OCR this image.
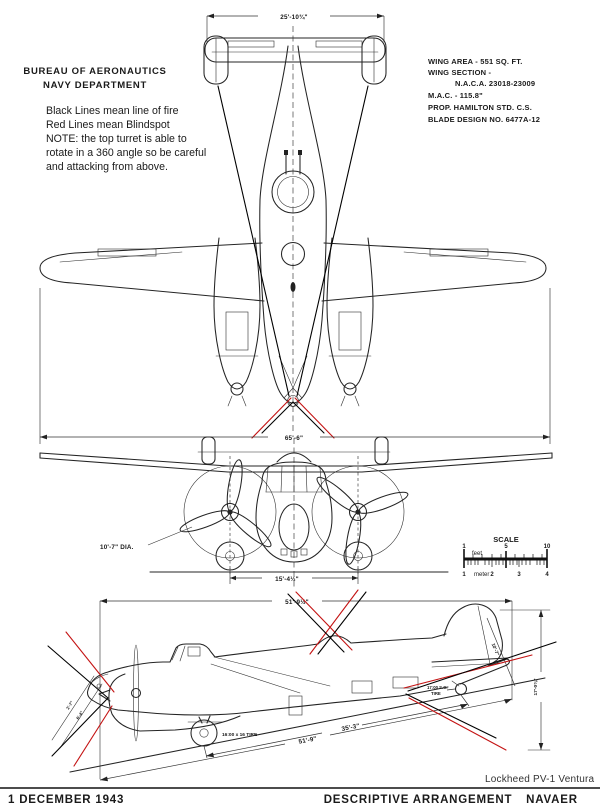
BUREAU OF AERONAUTICS
NAVY DEPARTMENT
Black Lines mean line of fire
Red Lines mean Blindspot
NOTE: the top turret is able to
rotate in a 360 angle so be careful
and attacking from above.
WING AREA - 551 SQ. FT.
WING SECTION -
N.A.C.A. 23018-23009
M.A.C. - 115.8"
PROP. HAMILTON STD. C.S.
BLADE DESIGN NO. 6477A-12
25'-10¾"
65'-6"
10'-7" DIA.
15'-4½"
SCALE
1	5	10
feet
1 meter 2	3	4
51'-9½"
16:00 x 16 TIRE
17:00 S.C.
TIRE
35'-3"
51'-9"
17'-0⅜"
10'-7"
6'-4"
2'-7"
Lockheed PV-1 Ventura
1 DECEMBER 1943	DESCRIPTIVE ARRANGEMENT NAVAER
